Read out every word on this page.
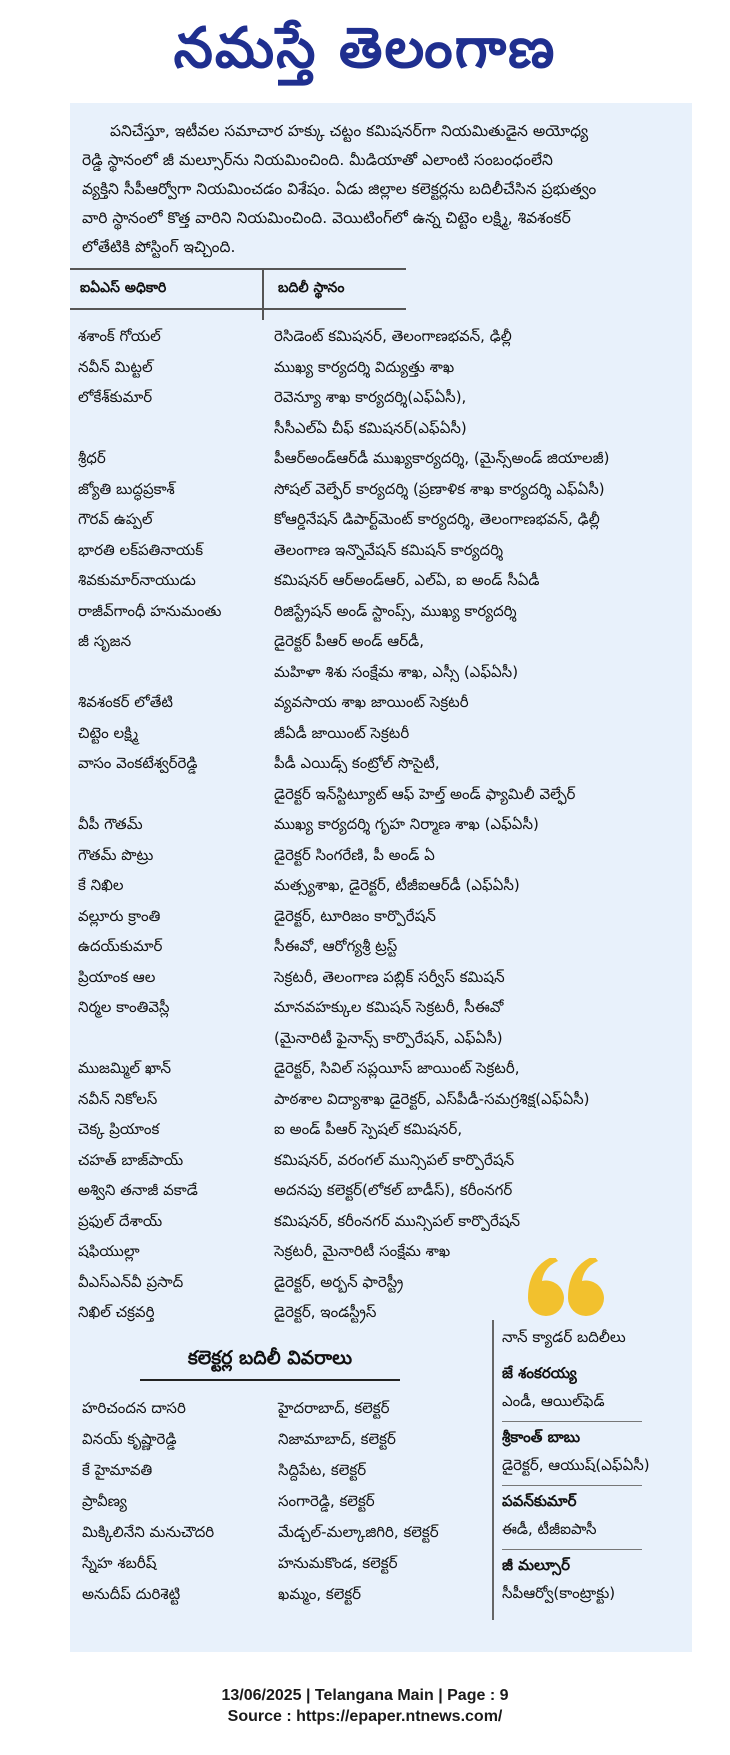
నమస్తే తెలంగాణ
పనిచేస్తూ, ఇటీవల సమాచార హక్కు చట్టం కమిషనర్‌గా నియమితుడైన అయోధ్య
రెడ్డి స్థానంలో జీ మల్సూర్‌ను నియమించింది. మీడియాతో ఎలాంటి సంబంధంలేని
వ్యక్తిని సీపీఆర్వోగా నియమించడం విశేషం. ఏడు జిల్లాల కలెక్టర్లను బదిలీచేసిన ప్రభుత్వం
వారి స్థానంలో కొత్త వారిని నియమించింది. వెయిటింగ్‌లో ఉన్న చిట్టెం లక్ష్మి, శివశంకర్
లోతేటికి పోస్టింగ్ ఇచ్చింది.
ఐఏఎస్ అధికారి	బదిలీ స్థానం
శశాంక్ గోయల్	రెసిడెంట్ కమిషనర్, తెలంగాణభవన్, ఢిల్లీ
నవీన్ మిట్టల్	ముఖ్య కార్యదర్శి విద్యుత్తు శాఖ
లోకేశ్‌కుమార్	రెవెన్యూ శాఖ కార్యదర్శి(ఎఫ్ఏసీ),
సీసీఎల్ఏ చీఫ్ కమిషనర్(ఎఫ్ఏసీ)
శ్రీధర్	పీఆర్‌అండ్‌ఆర్‌డీ ముఖ్యకార్యదర్శి, (మైన్స్‌అండ్ జియాలజీ)
జ్యోతి బుద్ధప్రకాశ్	సోషల్ వెల్ఫేర్ కార్యదర్శి (ప్రణాళిక శాఖ కార్యదర్శి ఎఫ్ఏసీ)
గౌరవ్ ఉప్పల్	కోఆర్డినేషన్ డిపార్ట్‌మెంట్ కార్యదర్శి, తెలంగాణభవన్, ఢిల్లీ
భారతి లక్‌పతినాయక్	తెలంగాణ ఇన్నొవేషన్ కమిషన్ కార్యదర్శి
శివకుమార్‌నాయుడు	కమిషనర్ ఆర్‌అండ్‌ఆర్, ఎల్ఏ, ఐ అండ్ సీఏడీ
రాజీవ్‌గాంధీ హనుమంతు	రిజిస్ట్రేషన్ అండ్ స్టాంప్స్, ముఖ్య కార్యదర్శి
జీ సృజన	డైరెక్టర్ పీఆర్ అండ్ ఆర్‌డీ,
మహిళా శిశు సంక్షేమ శాఖ, ఎస్సీ (ఎఫ్ఏసీ)
శివశంకర్ లోతేటి	వ్యవసాయ శాఖ జాయింట్ సెక్రటరీ
చిట్టెం లక్ష్మి	జీఏడీ జాయింట్ సెక్రటరీ
వాసం వెంకటేశ్వర్‌రెడ్డి	పీడీ ఎయిడ్స్ కంట్రోల్ సొసైటీ,
డైరెక్టర్ ఇన్‌స్టిట్యూట్ ఆఫ్ హెల్త్ అండ్ ఫ్యామిలీ వెల్ఫేర్
వీపీ గౌతమ్	ముఖ్య కార్యదర్శి గృహ నిర్మాణ శాఖ (ఎఫ్ఏసీ)
గౌతమ్ పొట్రు	డైరెక్టర్ సింగరేణి, పీ అండ్ ఏ
కే నిఖిల	మత్స్యశాఖ, డైరెక్టర్, టీజీఐఆర్‌డీ (ఎఫ్ఏసీ)
వల్లూరు క్రాంతి	డైరెక్టర్, టూరిజం కార్పొరేషన్
ఉదయ్‌కుమార్	సీఈవో, ఆరోగ్యశ్రీ ట్రస్ట్
ప్రియాంక ఆల	సెక్రటరీ, తెలంగాణ పబ్లిక్ సర్వీస్ కమిషన్
నిర్మల కాంతివెస్లీ	మానవహక్కుల కమిషన్ సెక్రటరీ, సీఈవో
(మైనారిటీ ఫైనాన్స్ కార్పొరేషన్, ఎఫ్ఏసీ)
ముజమ్మిల్ ఖాన్	డైరెక్టర్, సివిల్ సప్లయీస్ జాయింట్ సెక్రటరీ,
నవీన్ నికోలస్	పాఠశాల విద్యాశాఖ డైరెక్టర్, ఎస్‌పీడీ-సమగ్రశిక్ష(ఎఫ్ఏసీ)
చెక్క ప్రియాంక	ఐ అండ్ పీఆర్ స్పెషల్ కమిషనర్,
చహత్ బాజ్‌పాయ్	కమిషనర్, వరంగల్ మున్సిపల్ కార్పొరేషన్
అశ్విని తనాజీ వకాడే	అదనపు కలెక్టర్(లోకల్ బాడీస్), కరీంనగర్
ప్రఫుల్ దేశాయ్	కమిషనర్, కరీంనగర్ మున్సిపల్ కార్పొరేషన్
షఫియుల్లా	సెక్రటరీ, మైనారిటీ సంక్షేమ శాఖ
వీఎస్ఎన్‌వీ ప్రసాద్	డైరెక్టర్, అర్బన్ ఫారెస్ట్రీ
నిఖిల్ చక్రవర్తి	డైరెక్టర్, ఇండస్ట్రీస్
కలెక్టర్ల బదిలీ వివరాలు
హరిచందన దాసరి	హైదరాబాద్, కలెక్టర్
వినయ్ కృష్ణారెడ్డి	నిజామాబాద్, కలెక్టర్
కే హైమావతి	సిద్దిపేట, కలెక్టర్
ప్రావీణ్య	సంగారెడ్డి, కలెక్టర్
మిక్కిలినేని మనుచౌదరి	మేడ్చల్-మల్కాజిగిరి, కలెక్టర్
స్నేహ శబరీష్	హనుమకొండ, కలెక్టర్
అనుదీప్ దురిశెట్టి	ఖమ్మం, కలెక్టర్
నాన్ క్యాడర్ బదిలీలు
జే శంకరయ్య
ఎండీ, ఆయిల్‌ఫెడ్
శ్రీకాంత్ బాబు
డైరెక్టర్, ఆయుష్(ఎఫ్ఏసీ)
పవన్‌కుమార్
ఈడీ, టీజీఐపాసీ
జీ మల్సూర్
సీపీఆర్వో(కాంట్రాక్టు)
13/06/2025 | Telangana Main | Page : 9
Source : https://epaper.ntnews.com/
